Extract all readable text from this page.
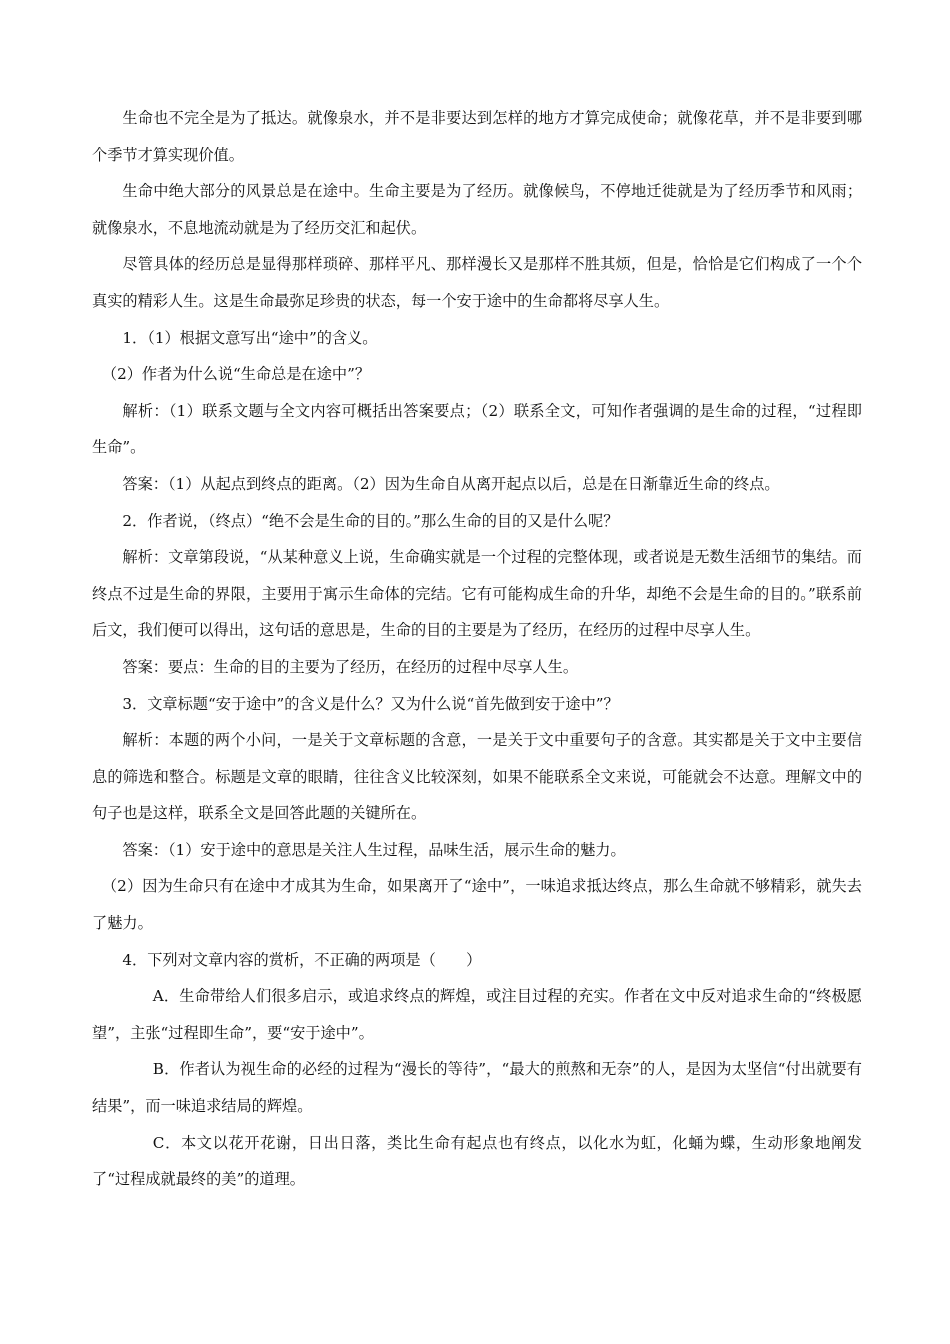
生命也不完全是为了抵达。就像泉水，并不是非要达到怎样的地方才算完成使命；就像花草，并不是非要到哪个季节才算实现价值。

生命中绝大部分的风景总是在途中。生命主要是为了经历。就像候鸟，不停地迁徙就是为了经历季节和风雨；就像泉水，不息地流动就是为了经历交汇和起伏。

尽管具体的经历总是显得那样琐碎、那样平凡、那样漫长又是那样不胜其烦，但是，恰恰是它们构成了一个个真实的精彩人生。这是生命最弥足珍贵的状态，每一个安于途中的生命都将尽享人生。

1．（1）根据文意写出“途中”的含义。

（2）作者为什么说“生命总是在途中”？

解析：（1）联系文题与全文内容可概括出答案要点；（2）联系全文，可知作者强调的是生命的过程，“过程即生命”。

答案：（1）从起点到终点的距离。（2）因为生命自从离开起点以后，总是在日渐靠近生命的终点。

2．作者说，（终点）“绝不会是生命的目的。”那么生命的目的又是什么呢？

解析：文章第段说，“从某种意义上说，生命确实就是一个过程的完整体现，或者说是无数生活细节的集结。而终点不过是生命的界限，主要用于寓示生命体的完结。它有可能构成生命的升华，却绝不会是生命的目的。”联系前后文，我们便可以得出，这句话的意思是，生命的目的主要是为了经历，在经历的过程中尽享人生。

答案：要点：生命的目的主要为了经历，在经历的过程中尽享人生。

3．文章标题“安于途中”的含义是什么？又为什么说“首先做到安于途中”？

解析：本题的两个小问，一是关于文章标题的含意，一是关于文中重要句子的含意。其实都是关于文中主要信息的筛选和整合。标题是文章的眼睛，往往含义比较深刻，如果不能联系全文来说，可能就会不达意。理解文中的句子也是这样，联系全文是回答此题的关键所在。

答案：（1）安于途中的意思是关注人生过程，品味生活，展示生命的魅力。

（2）因为生命只有在途中才成其为生命，如果离开了“途中”，一味追求抵达终点，那么生命就不够精彩，就失去了魅力。

4．下列对文章内容的赏析，不正确的两项是（　　）

A．生命带给人们很多启示，或追求终点的辉煌，或注目过程的充实。作者在文中反对追求生命的“终极愿望”，主张“过程即生命”，要“安于途中”。

B．作者认为视生命的必经的过程为“漫长的等待”，“最大的煎熬和无奈”的人，是因为太坚信“付出就要有结果”，而一味追求结局的辉煌。

C．本文以花开花谢，日出日落，类比生命有起点也有终点，以化水为虹，化蛹为蝶，生动形象地阐发了“过程成就最终的美”的道理。
